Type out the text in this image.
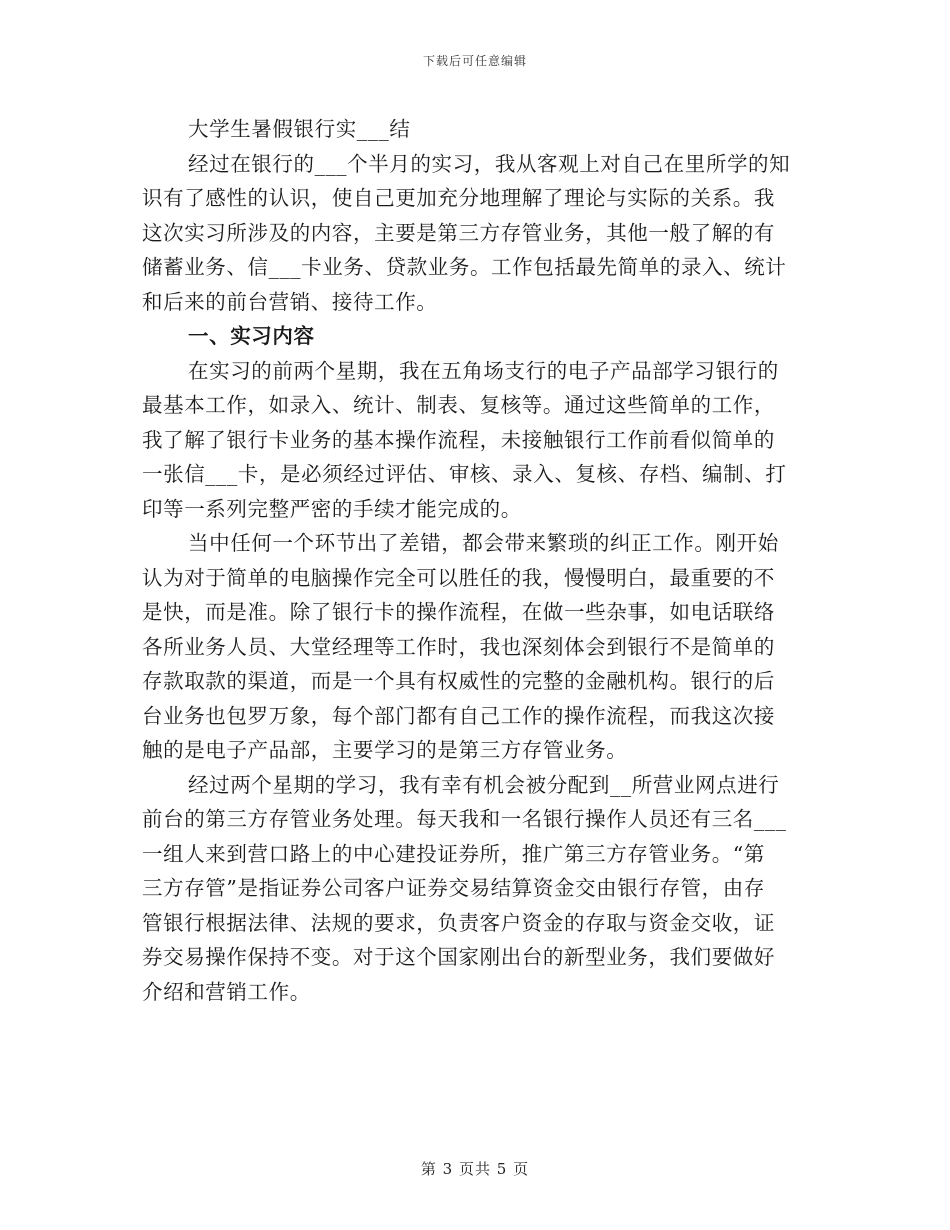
下载后可任意编辑
大学生暑假银行实___结
经过在银行的___个半月的实习，我从客观上对自己在里所学的知
识有了感性的认识，使自己更加充分地理解了理论与实际的关系。我
这次实习所涉及的内容，主要是第三方存管业务，其他一般了解的有
储蓄业务、信___卡业务、贷款业务。工作包括最先简单的录入、统计
和后来的前台营销、接待工作。
一、实习内容
在实习的前两个星期，我在五角场支行的电子产品部学习银行的
最基本工作，如录入、统计、制表、复核等。通过这些简单的工作，
我了解了银行卡业务的基本操作流程，未接触银行工作前看似简单的
一张信___卡，是必须经过评估、审核、录入、复核、存档、编制、打
印等一系列完整严密的手续才能完成的。
当中任何一个环节出了差错，都会带来繁琐的纠正工作。刚开始
认为对于简单的电脑操作完全可以胜任的我，慢慢明白，最重要的不
是快，而是准。除了银行卡的操作流程，在做一些杂事，如电话联络
各所业务人员、大堂经理等工作时，我也深刻体会到银行不是简单的
存款取款的渠道，而是一个具有权威性的完整的金融机构。银行的后
台业务也包罗万象，每个部门都有自己工作的操作流程，而我这次接
触的是电子产品部，主要学习的是第三方存管业务。
经过两个星期的学习，我有幸有机会被分配到__所营业网点进行
前台的第三方存管业务处理。每天我和一名银行操作人员还有三名___
一组人来到营口路上的中心建投证券所，推广第三方存管业务。“第
三方存管”是指证券公司客户证券交易结算资金交由银行存管，由存
管银行根据法律、法规的要求，负责客户资金的存取与资金交收，证
券交易操作保持不变。对于这个国家刚出台的新型业务，我们要做好
介绍和营销工作。
第 3 页共 5 页
